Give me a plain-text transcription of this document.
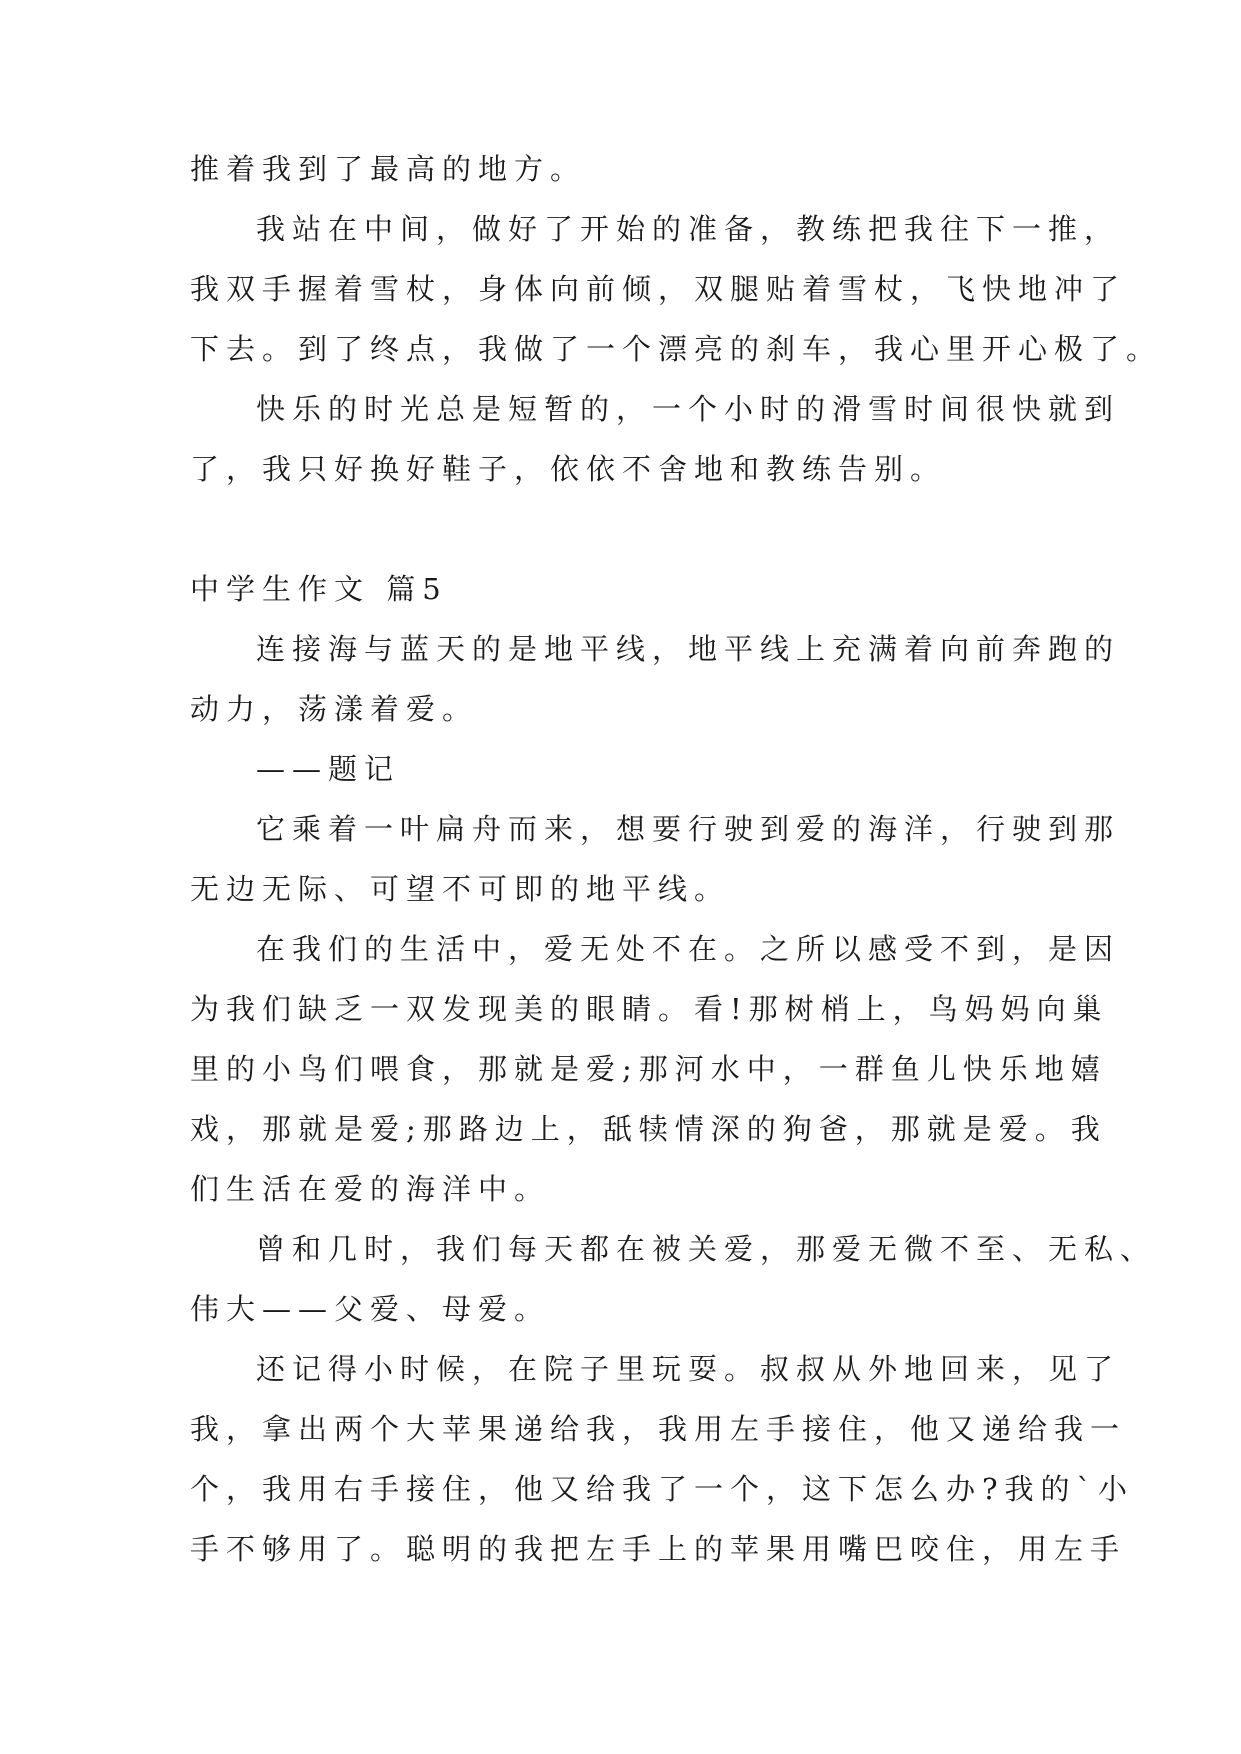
推着我到了最高的地方。
我站在中间，做好了开始的准备，教练把我往下一推，
我双手握着雪杖，身体向前倾，双腿贴着雪杖，飞快地冲了
下去。到了终点，我做了一个漂亮的刹车，我心里开心极了。
快乐的时光总是短暂的，一个小时的滑雪时间很快就到
了，我只好换好鞋子，依依不舍地和教练告别。
中学生作文 篇5
连接海与蓝天的是地平线，地平线上充满着向前奔跑的
动力，荡漾着爱。
——题记
它乘着一叶扁舟而来，想要行驶到爱的海洋，行驶到那
无边无际、可望不可即的地平线。
在我们的生活中，爱无处不在。之所以感受不到，是因
为我们缺乏一双发现美的眼睛。看!那树梢上，鸟妈妈向巢
里的小鸟们喂食，那就是爱;那河水中，一群鱼儿快乐地嬉
戏，那就是爱;那路边上，舐犊情深的狗爸，那就是爱。我
们生活在爱的海洋中。
曾和几时，我们每天都在被关爱，那爱无微不至、无私、
伟大——父爱、母爱。
还记得小时候，在院子里玩耍。叔叔从外地回来，见了
我，拿出两个大苹果递给我，我用左手接住，他又递给我一
个，我用右手接住，他又给我了一个，这下怎么办?我的`小
手不够用了。聪明的我把左手上的苹果用嘴巴咬住，用左手
